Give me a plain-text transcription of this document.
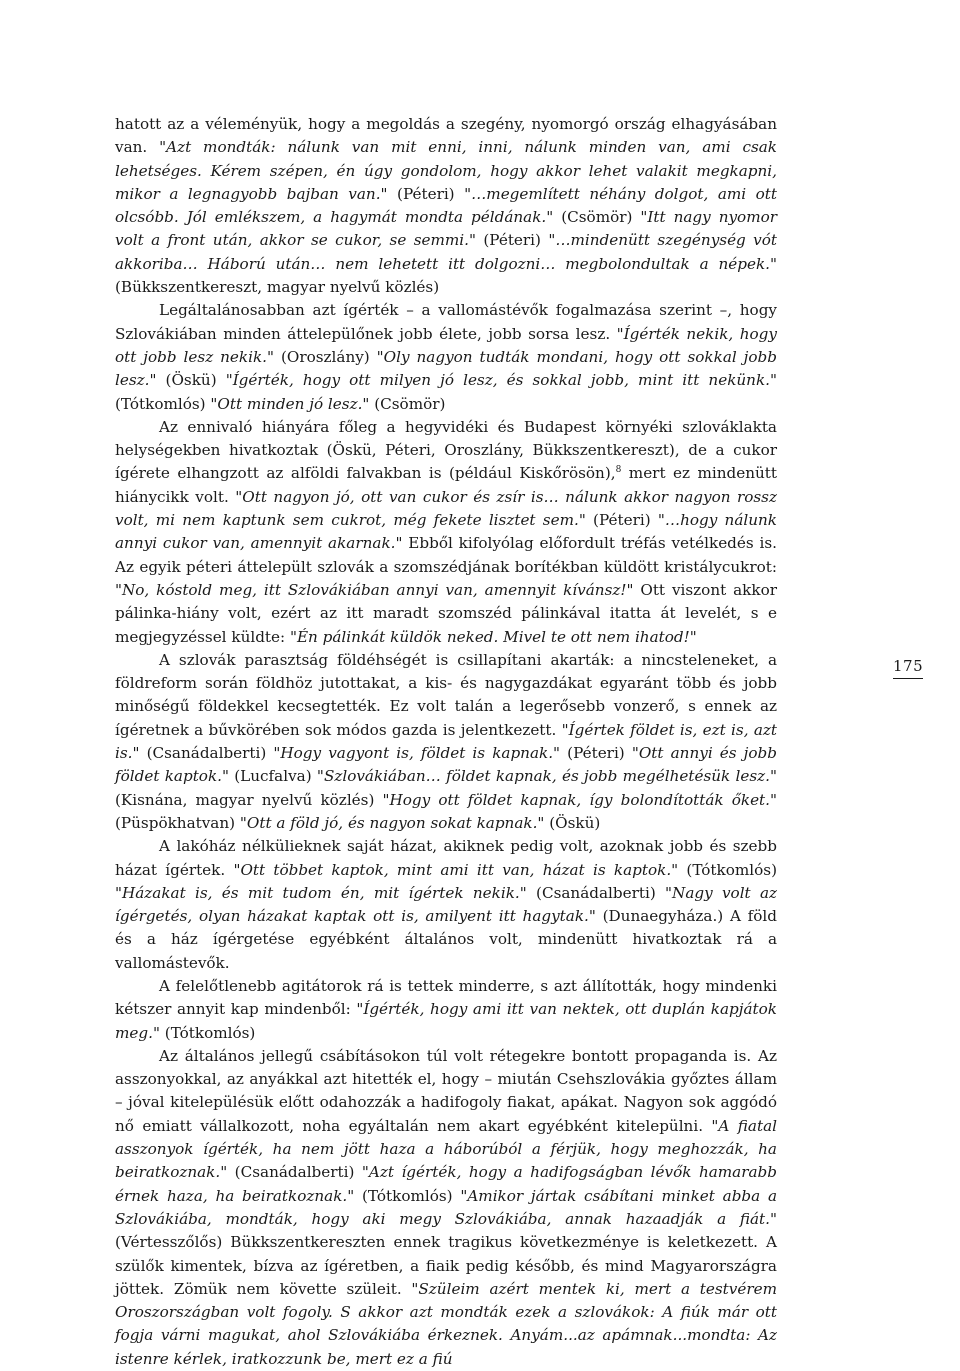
hatott az a véleményük, hogy a megoldás a szegény, nyomorgó ország elhagyásában van. "Azt mondták: nálunk van mit enni, inni, nálunk minden van, ami csak lehetséges. Kérem szépen, én úgy gondolom, hogy akkor lehet valakit megkapni, mikor a legnagyobb bajban van." (Péteri) "…megemlített néhány dolgot, ami ott olcsóbb. Jól emlékszem, a hagymát mondta példának." (Csömör) "Itt nagy nyomor volt a front után, akkor se cukor, se semmi." (Péteri) "…mindenütt szegénység vót akkoriba… Háború után… nem lehetett itt dolgozni… megbolondultak a népek." (Bükkszentkereszt, magyar nyelvű közlés)

Legáltalánosabban azt ígérték – a vallomástévők fogalmazása szerint –, hogy Szlovákiában minden áttelepülőnek jobb élete, jobb sorsa lesz. "Ígérték nekik, hogy ott jobb lesz nekik." (Oroszlány) "Oly nagyon tudták mondani, hogy ott sokkal jobb lesz." (Öskü) "Ígérték, hogy ott milyen jó lesz, és sokkal jobb, mint itt nekünk." (Tótkomlós) "Ott minden jó lesz." (Csömör)

Az ennivaló hiányára főleg a hegyvidéki és Budapest környéki szlováklakta helységekben hivatkoztak (Öskü, Péteri, Oroszlány, Bükkszentkereszt), de a cukor ígérete elhangzott az alföldi falvakban is (például Kiskőrösön),$^8$ mert ez mindenütt hiánycikk volt. "Ott nagyon jó, ott van cukor és zsír is… nálunk akkor nagyon rossz volt, mi nem kaptunk sem cukrot, még fekete lisztet sem." (Péteri) "…hogy nálunk annyi cukor van, amennyit akarnak." Ebből kifolyólag előfordult tréfás vetélkedés is. Az egyik péteri áttelepült szlovák a szomszédjának borítékban küldött kristálycukrot: "No, kóstold meg, itt Szlovákiában annyi van, amennyit kívánsz!" Ott viszont akkor pálinka-hiány volt, ezért az itt maradt szomszéd pálinkával itatta át levelét, s e megjegyzéssel küldte: "Én pálinkát küldök neked. Mivel te ott nem ihatod!"

A szlovák parasztság földéhségét is csillapítani akarták: a nincsteleneket, a földreform során földhöz jutottakat, a kis- és nagygazdákat egyaránt több és jobb minőségű földekkel kecsegtették. Ez volt talán a legerősebb vonzerő, s ennek az ígéretnek a bűvkörében sok módos gazda is jelentkezett. "Ígértek földet is, ezt is, azt is." (Csanádalberti) "Hogy vagyont is, földet is kapnak." (Péteri) "Ott annyi és jobb földet kaptok." (Lucfalva) "Szlovákiában… földet kapnak, és jobb megélhetésük lesz." (Kisnána, magyar nyelvű közlés) "Hogy ott földet kapnak, így bolondították őket." (Püspökhatvan) "Ott a föld jó, és nagyon sokat kapnak." (Öskü)

A lakóház nélkülieknek saját házat, akiknek pedig volt, azoknak jobb és szebb házat ígértek. "Ott többet kaptok, mint ami itt van, házat is kaptok." (Tótkomlós) "Házakat is, és mit tudom én, mit ígértek nekik." (Csanádalberti) "Nagy volt az ígérgetés, olyan házakat kaptak ott is, amilyent itt hagytak." (Dunaegyháza.) A föld és a ház ígérgetése egyébként általános volt, mindenütt hivatkoztak rá a vallomástevők.

A felelőtlenebb agitátorok rá is tettek minderre, s azt állították, hogy mindenki kétszer annyit kap mindenből: "Ígérték, hogy ami itt van nektek, ott duplán kapjátok meg." (Tótkomlós)

Az általános jellegű csábításokon túl volt rétegekre bontott propaganda is. Az asszonyokkal, az anyákkal azt hitették el, hogy – miután Csehszlovákia győztes állam – jóval kitelepülésük előtt odahozzák a hadifogoly fiakat, apákat. Nagyon sok aggódó nő emiatt vállalkozott, noha egyáltalán nem akart egyébként kitelepülni. "A fiatal asszonyok ígérték, ha nem jött haza a háborúból a férjük, hogy meghozzák, ha beiratkoznak." (Csanádalberti) "Azt ígérték, hogy a hadifogságban lévők hamarabb érnek haza, ha beiratkoznak." (Tótkomlós) "Amikor jártak csábítani minket abba a Szlovákiába, mondták, hogy aki megy Szlovákiába, annak hazaadják a fiát." (Vértesszőlős) Bükkszentkereszten ennek tragikus következménye is keletkezett. A szülők kimentek, bízva az ígéretben, a fiaik pedig később, és mind Magyarországra jöttek. Zömük nem követte szüleit. "Szüleim azért mentek ki, mert a testvérem Oroszországban volt fogoly. S akkor azt mondták ezek a szlovákok: A fiúk már ott fogja várni magukat, ahol Szlovákiába érkeznek. Anyám...az apámnak...mondta: Az istenre kérlek, iratkozzunk be, mert ez a fiú

175
